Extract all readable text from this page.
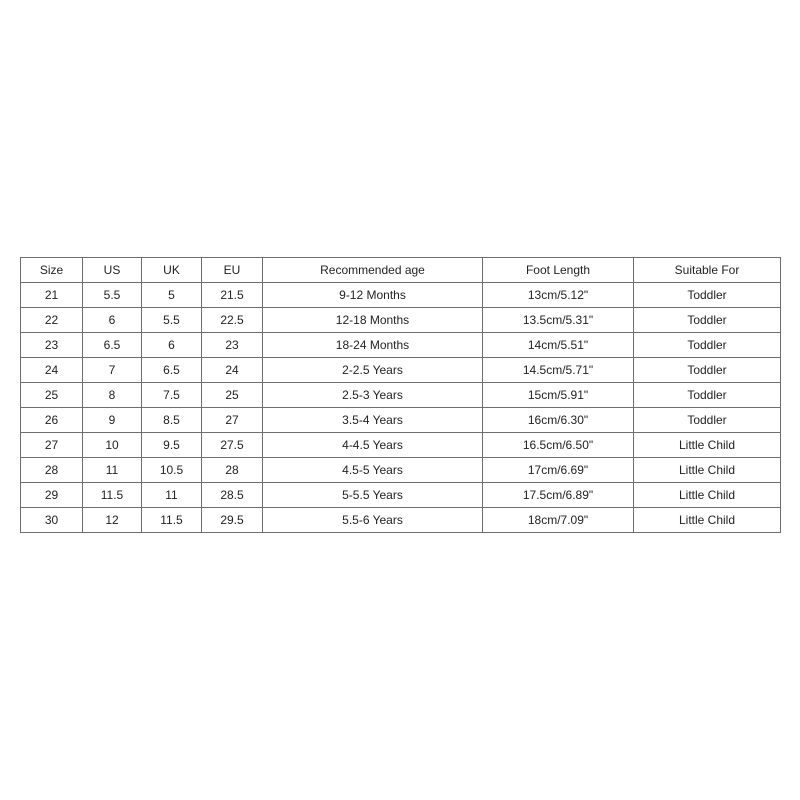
Size	US	UK	EU	Recommended age	Foot Length	Suitable For
21	5.5	5	21.5	9-12 Months	13cm/5.12"	Toddler
22	6	5.5	22.5	12-18 Months	13.5cm/5.31"	Toddler
23	6.5	6	23	18-24 Months	14cm/5.51"	Toddler
24	7	6.5	24	2-2.5 Years	14.5cm/5.71"	Toddler
25	8	7.5	25	2.5-3 Years	15cm/5.91"	Toddler
26	9	8.5	27	3.5-4 Years	16cm/6.30"	Toddler
27	10	9.5	27.5	4-4.5 Years	16.5cm/6.50"	Little Child
28	11	10.5	28	4.5-5 Years	17cm/6.69"	Little Child
29	11.5	11	28.5	5-5.5 Years	17.5cm/6.89"	Little Child
30	12	11.5	29.5	5.5-6 Years	18cm/7.09"	Little Child
